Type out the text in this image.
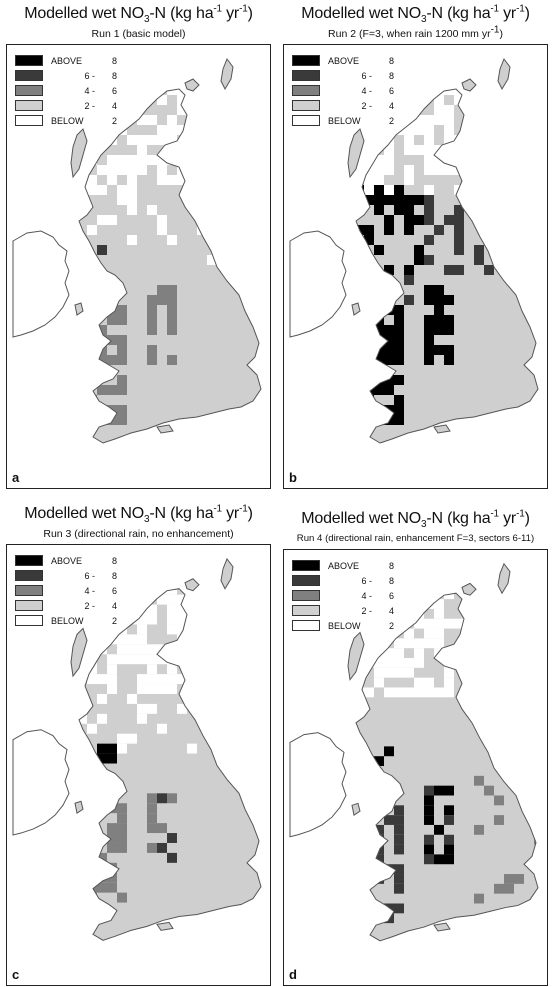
Modelled wet $NO_3-N$ (kg $ha^{-1}$ $yr^{-1}$)
Run 1 (basic model)
ABOVE	8
6 -	8
4 -	6
2 -	4
BELOW	2
a
Modelled wet $NO_3-N$ (kg $ha^{-1}$ $yr^{-1}$)
Run 2 (F=3, when rain 1200 mm yr-1)
ABOVE	8
6 -	8
4 -	6
2 -	4
BELOW	2
b
Modelled wet $NO_3-N$ (kg $ha^{-1}$ $yr^{-1}$)
Run 3 (directional rain, no enhancement)
ABOVE	8
6 -	8
4 -	6
2 -	4
BELOW	2
c
Modelled wet $NO_3-N$ (kg $ha^{-1}$ $yr^{-1}$)
Run 4 (directional rain, enhancement F=3, sectors 6-11)
ABOVE	8
6 -	8
4 -	6
2 -	4
BELOW	2
d
